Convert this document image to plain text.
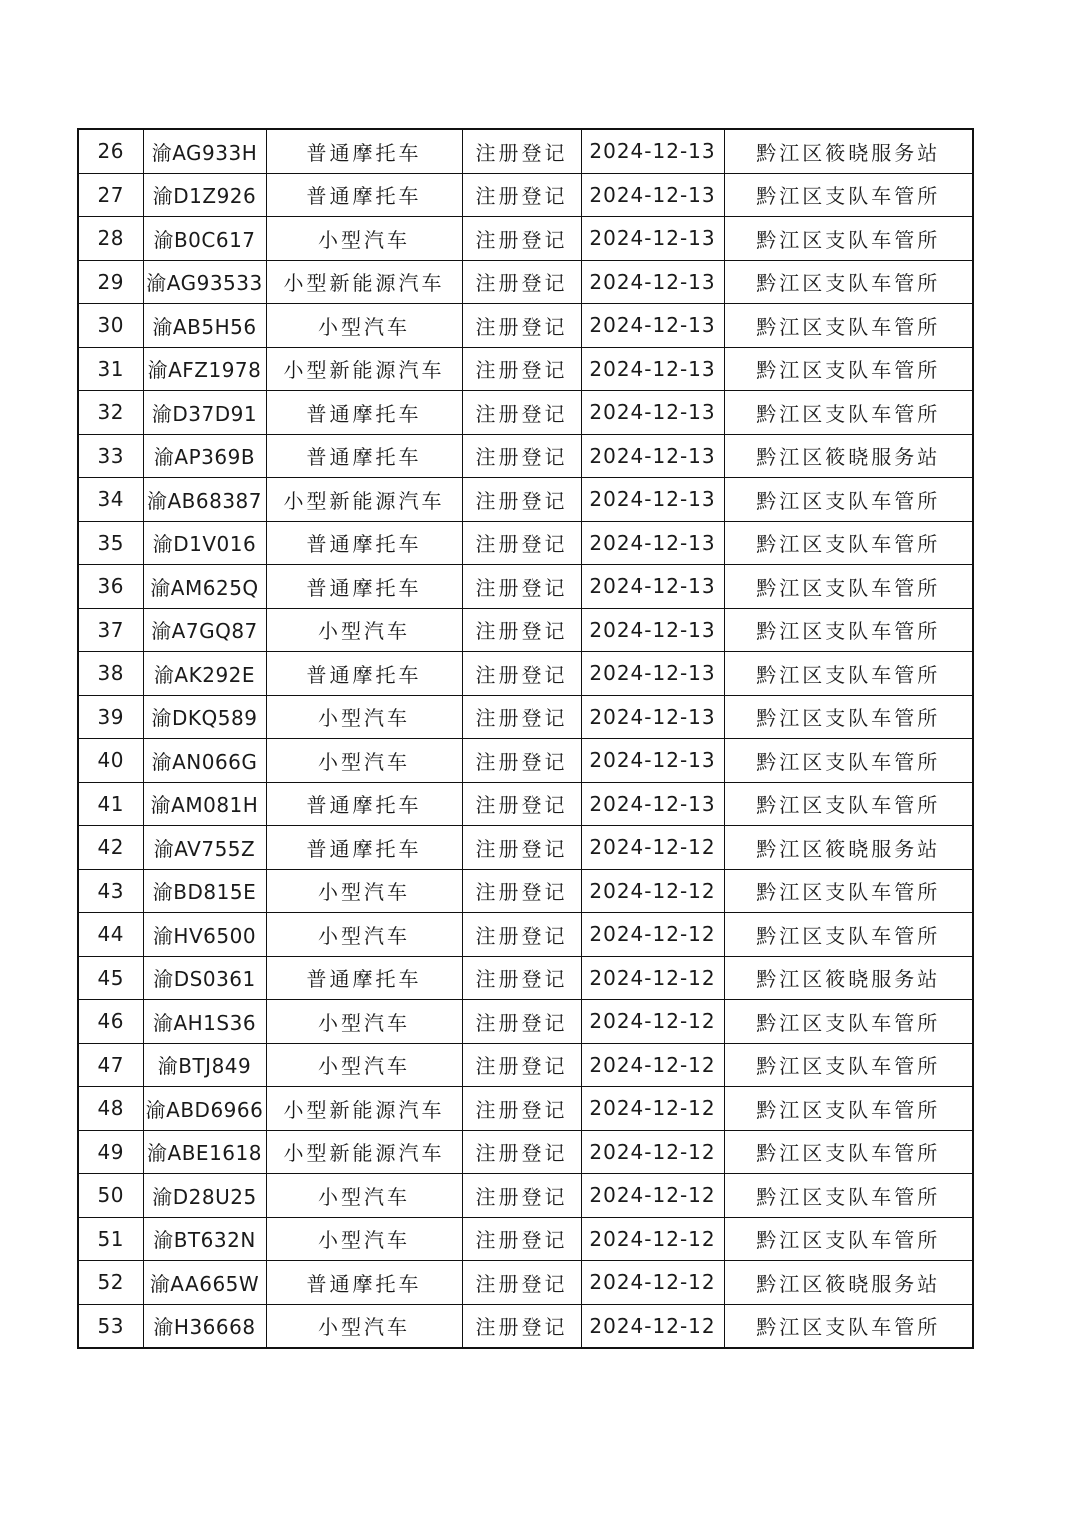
26	渝AG933H	普通摩托车	注册登记	2024-12-13	黔江区筱晓服务站
27	渝D1Z926	普通摩托车	注册登记	2024-12-13	黔江区支队车管所
28	渝B0C617	小型汽车	注册登记	2024-12-13	黔江区支队车管所
29	渝AG93533	小型新能源汽车	注册登记	2024-12-13	黔江区支队车管所
30	渝AB5H56	小型汽车	注册登记	2024-12-13	黔江区支队车管所
31	渝AFZ1978	小型新能源汽车	注册登记	2024-12-13	黔江区支队车管所
32	渝D37D91	普通摩托车	注册登记	2024-12-13	黔江区支队车管所
33	渝AP369B	普通摩托车	注册登记	2024-12-13	黔江区筱晓服务站
34	渝AB68387	小型新能源汽车	注册登记	2024-12-13	黔江区支队车管所
35	渝D1V016	普通摩托车	注册登记	2024-12-13	黔江区支队车管所
36	渝AM625Q	普通摩托车	注册登记	2024-12-13	黔江区支队车管所
37	渝A7GQ87	小型汽车	注册登记	2024-12-13	黔江区支队车管所
38	渝AK292E	普通摩托车	注册登记	2024-12-13	黔江区支队车管所
39	渝DKQ589	小型汽车	注册登记	2024-12-13	黔江区支队车管所
40	渝AN066G	小型汽车	注册登记	2024-12-13	黔江区支队车管所
41	渝AM081H	普通摩托车	注册登记	2024-12-13	黔江区支队车管所
42	渝AV755Z	普通摩托车	注册登记	2024-12-12	黔江区筱晓服务站
43	渝BD815E	小型汽车	注册登记	2024-12-12	黔江区支队车管所
44	渝HV6500	小型汽车	注册登记	2024-12-12	黔江区支队车管所
45	渝DS0361	普通摩托车	注册登记	2024-12-12	黔江区筱晓服务站
46	渝AH1S36	小型汽车	注册登记	2024-12-12	黔江区支队车管所
47	渝BTJ849	小型汽车	注册登记	2024-12-12	黔江区支队车管所
48	渝ABD6966	小型新能源汽车	注册登记	2024-12-12	黔江区支队车管所
49	渝ABE1618	小型新能源汽车	注册登记	2024-12-12	黔江区支队车管所
50	渝D28U25	小型汽车	注册登记	2024-12-12	黔江区支队车管所
51	渝BT632N	小型汽车	注册登记	2024-12-12	黔江区支队车管所
52	渝AA665W	普通摩托车	注册登记	2024-12-12	黔江区筱晓服务站
53	渝H36668	小型汽车	注册登记	2024-12-12	黔江区支队车管所
